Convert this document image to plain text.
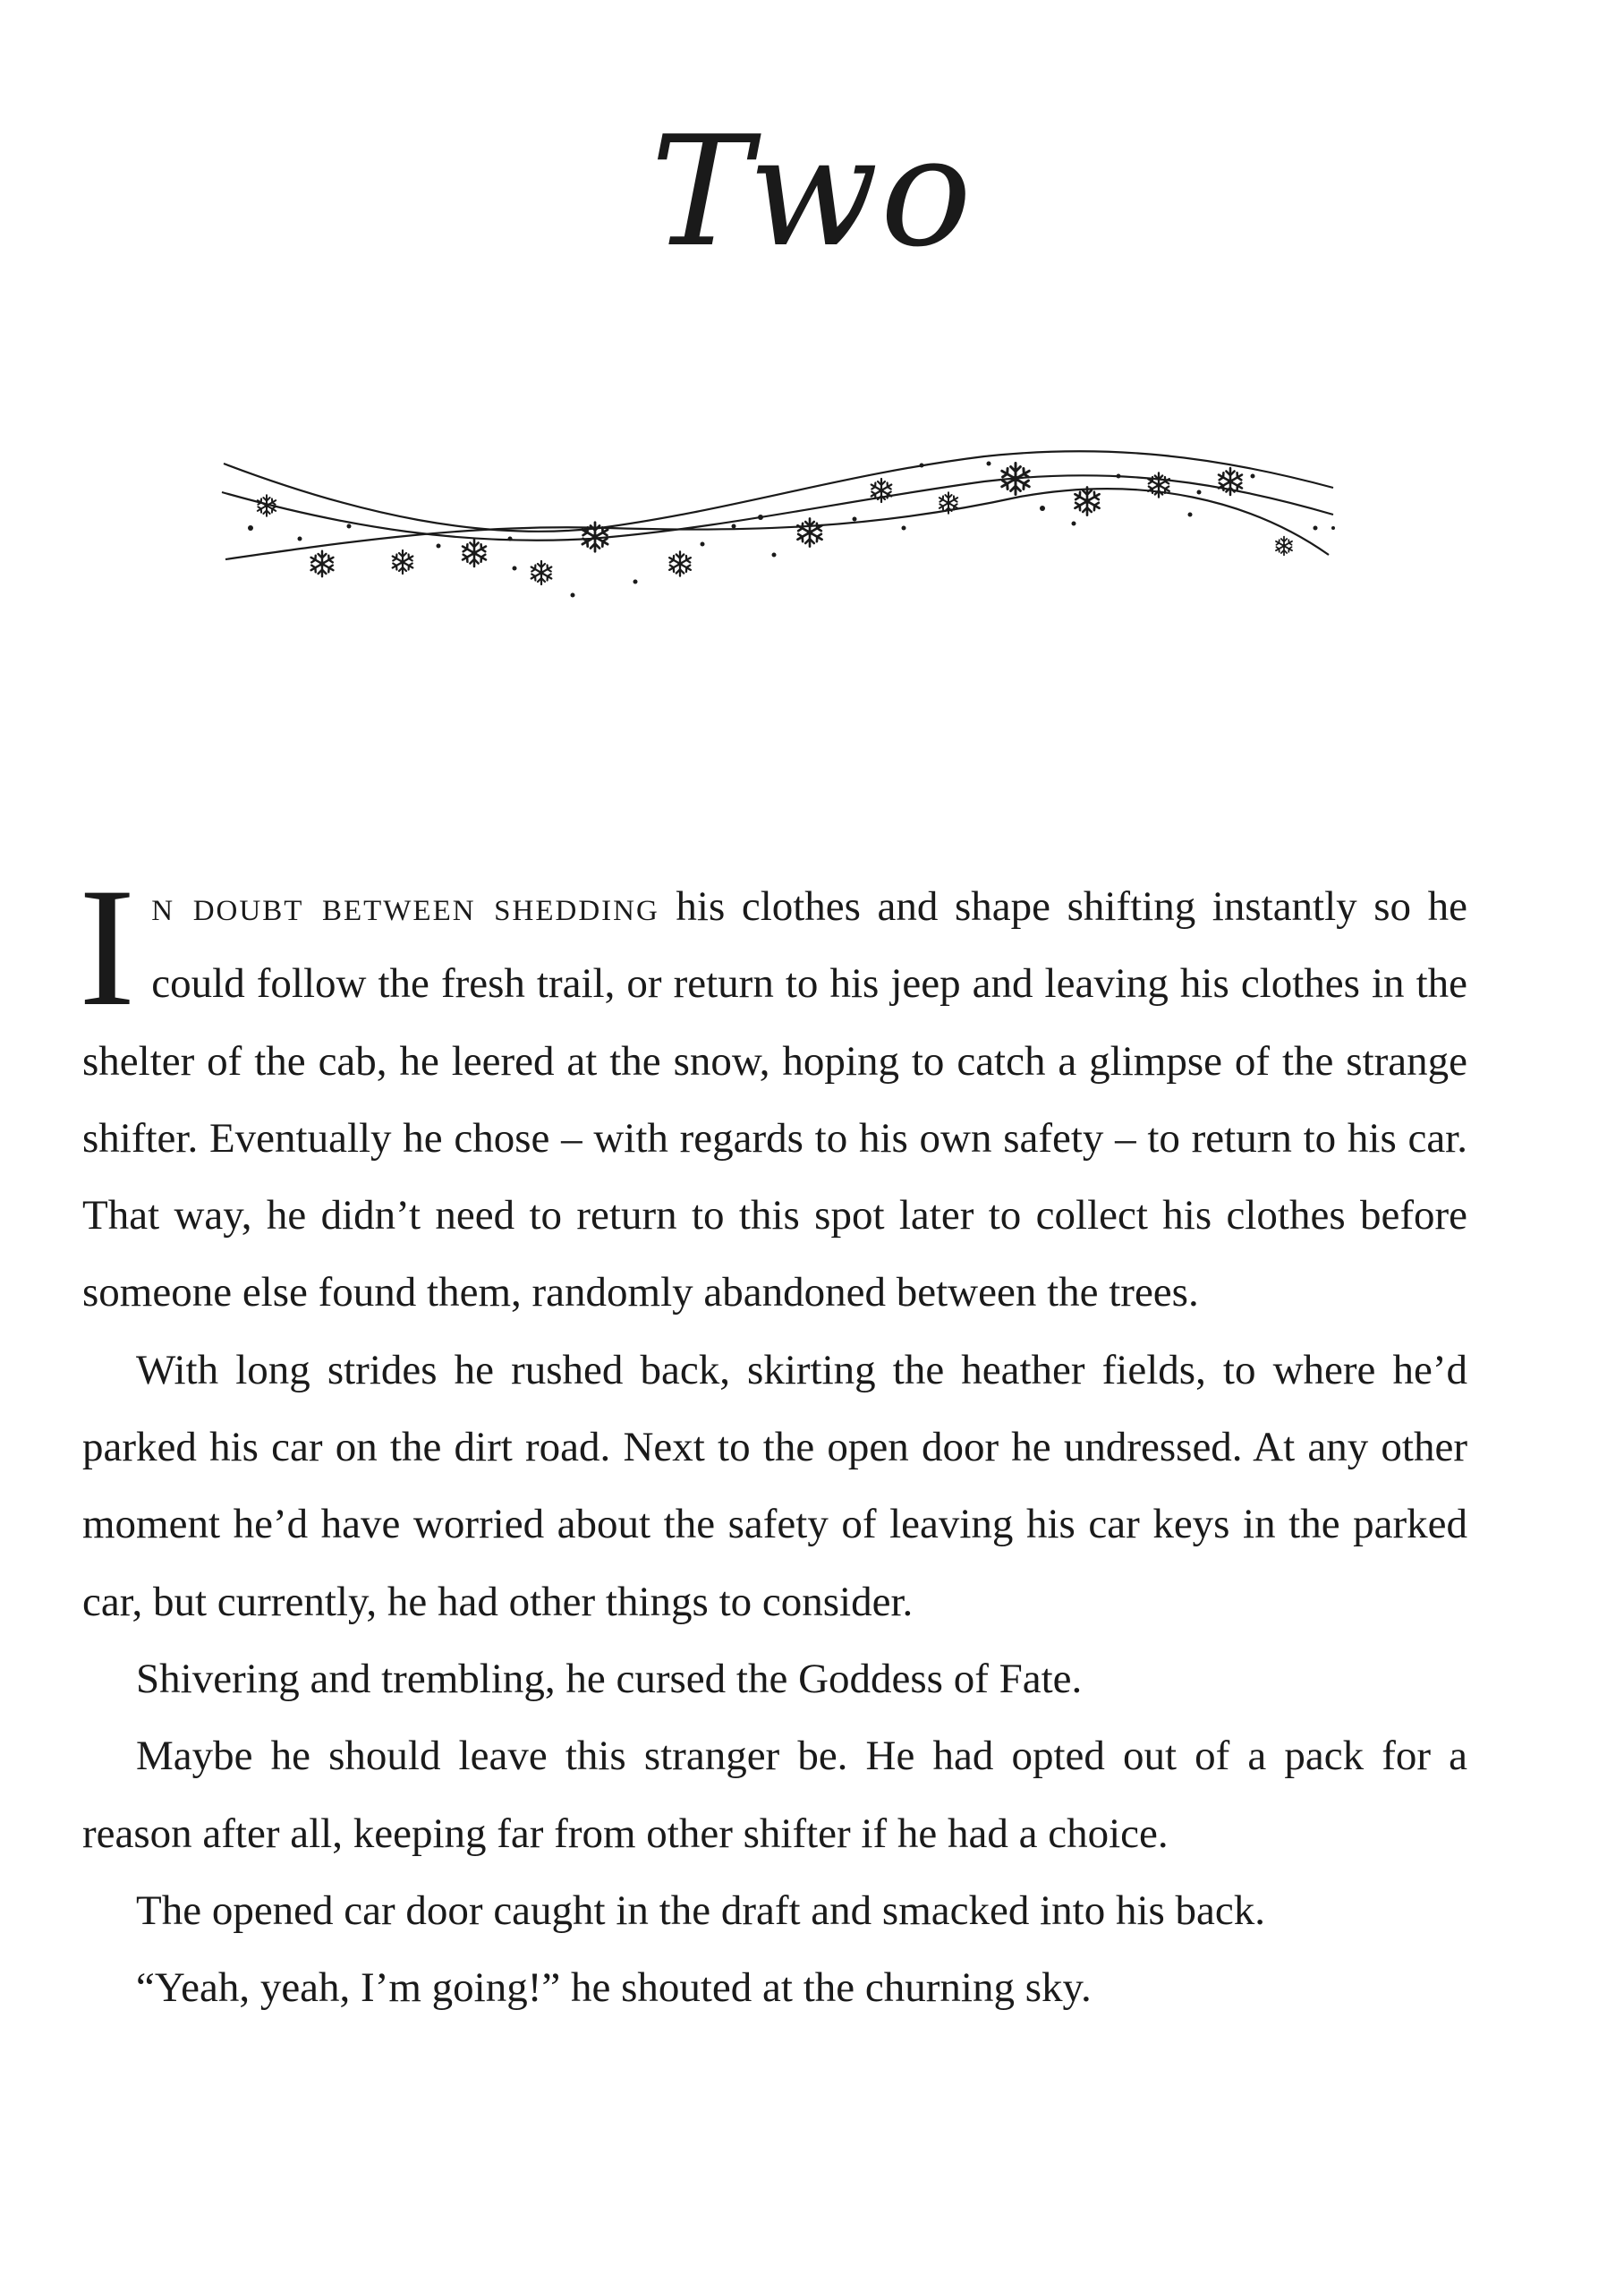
Two

In doubt between shedding his clothes and shape shifting instantly so he could follow the fresh trail, or return to his jeep and leaving his clothes in the shelter of the cab, he leered at the snow, hoping to catch a glimpse of the strange shifter. Eventually he chose – with regards to his own safety – to return to his car. That way, he didn’t need to return to this spot later to collect his clothes before someone else found them, randomly abandoned between the trees.

With long strides he rushed back, skirting the heather fields, to where he’d parked his car on the dirt road. Next to the open door he undressed. At any other moment he’d have worried about the safety of leaving his car keys in the parked car, but currently, he had other things to consider.

Shivering and trembling, he cursed the Goddess of Fate.

Maybe he should leave this stranger be. He had opted out of a pack for a reason after all, keeping far from other shifter if he had a choice.

The opened car door caught in the draft and smacked into his back.

“Yeah, yeah, I’m going!” he shouted at the churning sky.
